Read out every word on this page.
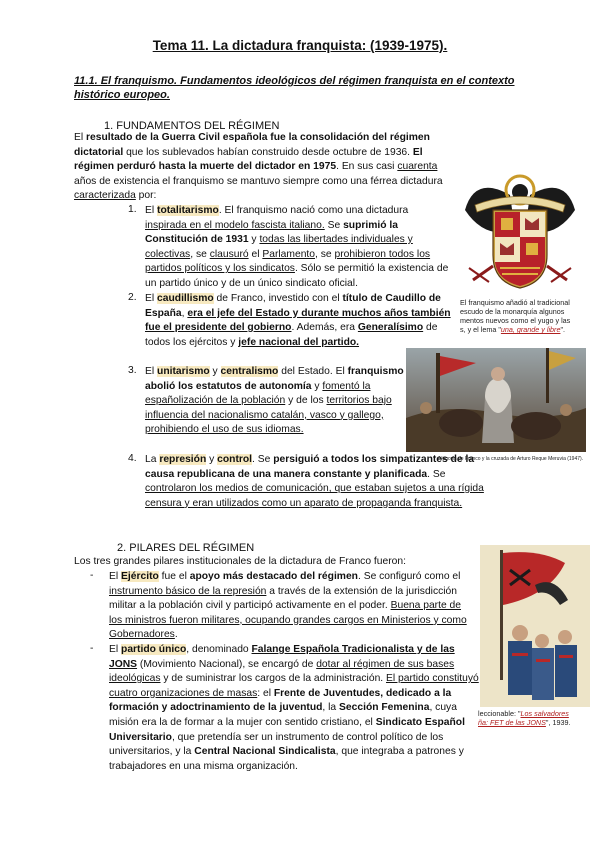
Tema 11. La dictadura franquista: (1939-1975).
11.1. El franquismo. Fundamentos ideológicos del régimen franquista en el contexto histórico europeo.
1. FUNDAMENTOS DEL RÉGIMEN
El resultado de la Guerra Civil española fue la consolidación del régimen dictatorial que los sublevados habían construido desde octubre de 1936. El régimen perduró hasta la muerte del dictador en 1975. En sus casi cuarenta años de existencia el franquismo se mantuvo siempre como una férrea dictadura caracterizada por:
1. El totalitarismo. El franquismo nació como una dictadura inspirada en el modelo fascista italiano. Se suprimió la Constitución de 1931 y todas las libertades individuales y colectivas, se clausuró el Parlamento, se prohibieron todos los partidos políticos y los sindicatos. Sólo se permitió la existencia de un partido único y de un único sindicato oficial.
2. El caudillismo de Franco, investido con el título de Caudillo de España, era el jefe del Estado y durante muchos años también fue el presidente del gobierno. Además, era Generalísimo de todos los ejércitos y jefe nacional del partido.
3. El unitarismo y centralismo del Estado. El franquismo abolió los estatutos de autonomía y fomentó la españolización de la población y de los territorios bajo influencia del nacionalismo catalán, vasco y gallego, prohibiendo el uso de sus idiomas.
4. La represión y control. Se persiguió a todos los simpatizantes de la causa republicana de una manera constante y planificada. Se controlaron los medios de comunicación, que estaban sujetos a una rígida censura y eran utilizados como un aparato de propaganda franquista.
2. PILARES DEL RÉGIMEN
Los tres grandes pilares institucionales de la dictadura de Franco fueron:
- El Ejército fue el apoyo más destacado del régimen. Se configuró como el instrumento básico de la represión a través de la extensión de la jurisdicción militar a la población civil y participó activamente en el poder. Buena parte de los ministros fueron militares, ocupando grandes cargos en Ministerios y como Gobernadores.
- El partido único, denominado Falange Española Tradicionalista y de las JONS (Movimiento Nacional), se encargó de dotar al régimen de sus bases ideológicas y de suministrar los cargos de la administración. El partido constituyó cuatro organizaciones de masas: el Frente de Juventudes, dedicado a la formación y adoctrinamiento de la juventud, la Sección Femenina, cuya misión era la de formar a la mujer con sentido cristiano, el Sindicato Español Universitario, que pretendía ser un instrumento de control político de los universitarios, y la Central Nacional Sindicalista, que integraba a patrones y trabajadores en una misma organización.
El franquismo añadió al tradicional
escudo de la monarquía algunos
mentos nuevos como el yugo y las
s, y el lema "una, grande y libre".
Alegoría de Franco y la cruzada de Arturo Reque Meruvia (1947).
leccionable: "Los salvadores
ña: FET de las JONS", 1939.
